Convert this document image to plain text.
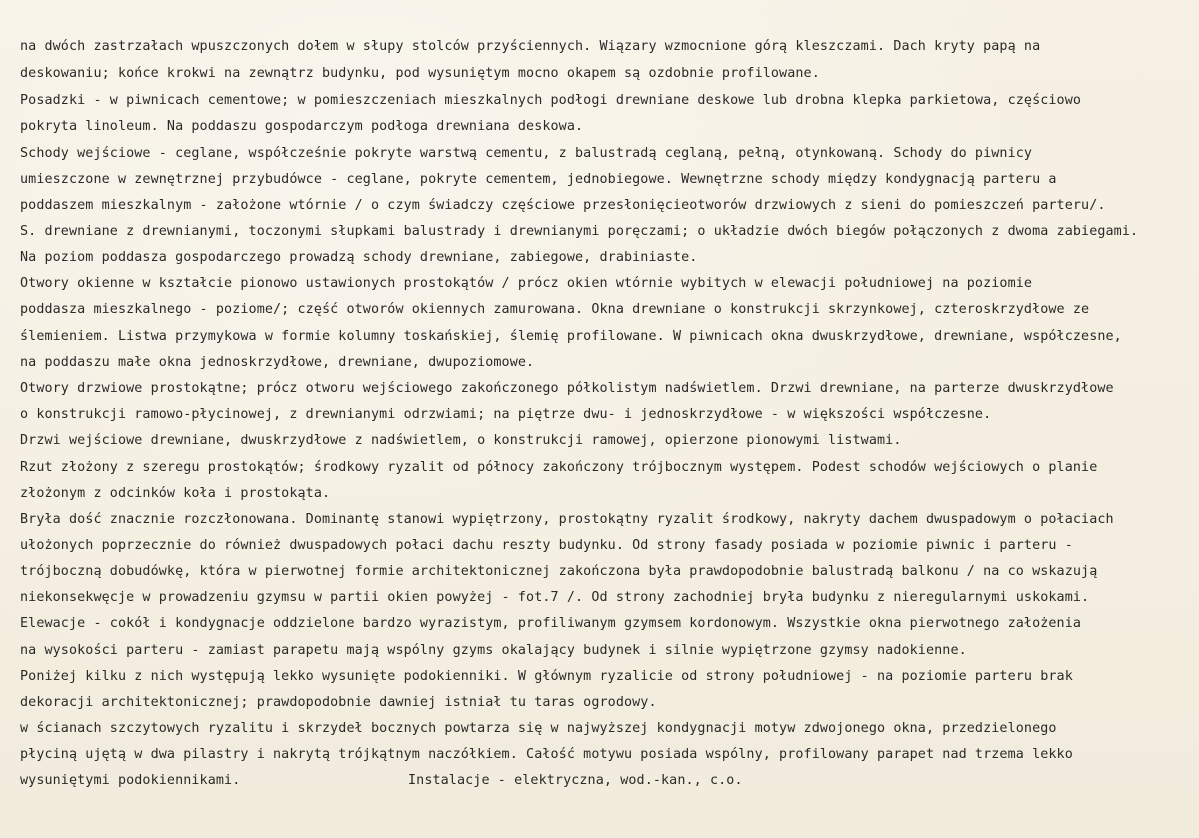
na dwóch zastrzałach wpuszczonych dołem w słupy stolców przyściennych. Wiązary wzmocnione górą kleszczami. Dach kryty papą na
deskowaniu; końce krokwi na zewnątrz budynku, pod wysuniętym mocno okapem są ozdobnie profilowane.
Posadzki - w piwnicach cementowe; w pomieszczeniach mieszkalnych podłogi drewniane deskowe lub drobna klepka parkietowa, częściowo
pokryta linoleum. Na poddaszu gospodarczym podłoga drewniana deskowa.
Schody wejściowe - ceglane, współcześnie pokryte warstwą cementu, z balustradą ceglaną, pełną, otynkowaną. Schody do piwnicy
umieszczone w zewnętrznej przybudówce - ceglane, pokryte cementem, jednobiegowe. Wewnętrzne schody między kondygnacją parteru a
poddaszem mieszkalnym - założone wtórnie / o czym świadczy częściowe przesłonięcieotworów drzwiowych z sieni do pomieszczeń parteru/.
S. drewniane z drewnianymi, toczonymi słupkami balustrady i drewnianymi poręczami; o układzie dwóch biegów połączonych z dwoma zabiegami.
Na poziom poddasza gospodarczego prowadzą schody drewniane, zabiegowe, drabiniaste.
Otwory okienne w kształcie pionowo ustawionych prostokątów / prócz okien wtórnie wybitych w elewacji południowej na poziomie
poddasza mieszkalnego - poziome/; część otworów okiennych zamurowana. Okna drewniane o konstrukcji skrzynkowej, czteroskrzydłowe ze
ślemieniem. Listwa przymykowa w formie kolumny toskańskiej, ślemię profilowane. W piwnicach okna dwuskrzydłowe, drewniane, współczesne,
na poddaszu małe okna jednoskrzydłowe, drewniane, dwupoziomowe.
Otwory drzwiowe prostokątne; prócz otworu wejściowego zakończonego półkolistym nadświetlem. Drzwi drewniane, na parterze dwuskrzydłowe
o konstrukcji ramowo-płycinowej, z drewnianymi odrzwiami; na piętrze dwu- i jednoskrzydłowe - w większości współczesne.
Drzwi wejściowe drewniane, dwuskrzydłowe z nadświetlem, o konstrukcji ramowej, opierzone pionowymi listwami.
Rzut złożony z szeregu prostokątów; środkowy ryzalit od północy zakończony trójbocznym występem. Podest schodów wejściowych o planie
złożonym z odcinków koła i prostokąta.
Bryła dość znacznie rozczłonowana. Dominantę stanowi wypiętrzony, prostokątny ryzalit środkowy, nakryty dachem dwuspadowym o połaciach
ułożonych poprzecznie do również dwuspadowych połaci dachu reszty budynku. Od strony fasady posiada w poziomie piwnic i parteru -
trójboczną dobudówkę, która w pierwotnej formie architektonicznej zakończona była prawdopodobnie balustradą balkonu / na co wskazują
niekonsekwęcje w prowadzeniu gzymsu w partii okien powyżej - fot.7 /. Od strony zachodniej bryła budynku z nieregularnymi uskokami.
Elewacje - cokół i kondygnacje oddzielone bardzo wyrazistym, profiliwanym gzymsem kordonowym. Wszystkie okna pierwotnego założenia
na wysokości parteru - zamiast parapetu mają wspólny gzyms okalający budynek i silnie wypiętrzone gzymsy nadokienne.
Poniżej kilku z nich występują lekko wysunięte podokienniki. W głównym ryzalicie od strony południowej - na poziomie parteru brak
dekoracji architektonicznej; prawdopodobnie dawniej istniał tu taras ogrodowy.
w ścianach szczytowych ryzalitu i skrzydeł bocznych powtarza się w najwyższej kondygnacji motyw zdwojonego okna, przedzielonego
płyciną ujętą w dwa pilastry i nakrytą trójkątnym naczółkiem. Całość motywu posiada wspólny, profilowany parapet nad trzema lekko
wysuniętymi podokiennikami.	Instalacje - elektryczna, wod.-kan., c.o.
